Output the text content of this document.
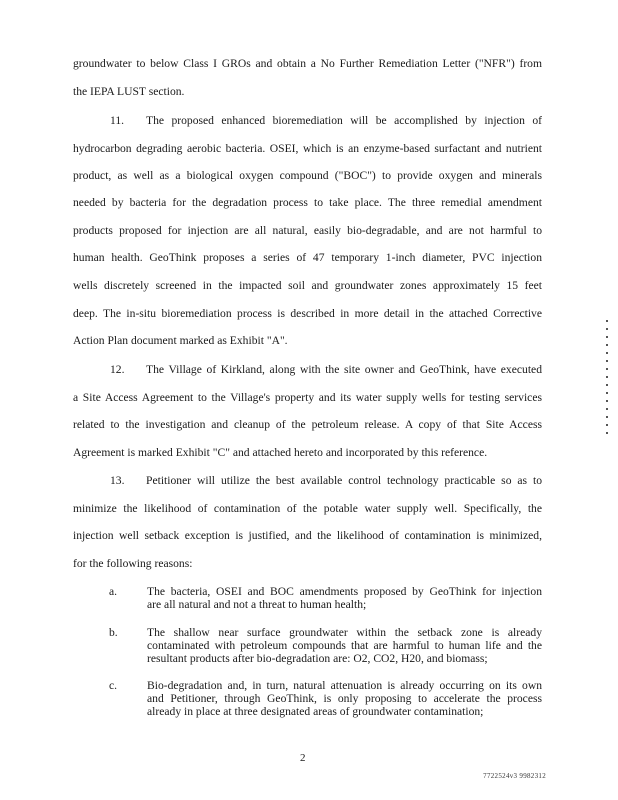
groundwater to below Class I GROs and obtain a No Further Remediation Letter ("NFR") from
the IEPA LUST section.
11. The proposed enhanced bioremediation will be accomplished by injection of
hydrocarbon degrading aerobic bacteria. OSEI, which is an enzyme-based surfactant and nutrient
product, as well as a biological oxygen compound ("BOC") to provide oxygen and minerals
needed by bacteria for the degradation process to take place. The three remedial amendment
products proposed for injection are all natural, easily bio-degradable, and are not harmful to
human health. GeoThink proposes a series of 47 temporary 1-inch diameter, PVC injection
wells discretely screened in the impacted soil and groundwater zones approximately 15 feet
deep. The in-situ bioremediation process is described in more detail in the attached Corrective
Action Plan document marked as Exhibit "A".
12. The Village of Kirkland, along with the site owner and GeoThink, have executed
a Site Access Agreement to the Village's property and its water supply wells for testing services
related to the investigation and cleanup of the petroleum release. A copy of that Site Access
Agreement is marked Exhibit "C" and attached hereto and incorporated by this reference.
13. Petitioner will utilize the best available control technology practicable so as to
minimize the likelihood of contamination of the potable water supply well. Specifically, the
injection well setback exception is justified, and the likelihood of contamination is minimized,
for the following reasons:
a.	The bacteria, OSEI and BOC amendments proposed by GeoThink for injection
are all natural and not a threat to human health;
b.	The shallow near surface groundwater within the setback zone is already
contaminated with petroleum compounds that are harmful to human life and the
resultant products after bio-degradation are: O2, CO2, H20, and biomass;
c.	Bio-degradation and, in turn, natural attenuation is already occurring on its own
and Petitioner, through GeoThink, is only proposing to accelerate the process
already in place at three designated areas of groundwater contamination;
2
7722524v3 9982312
